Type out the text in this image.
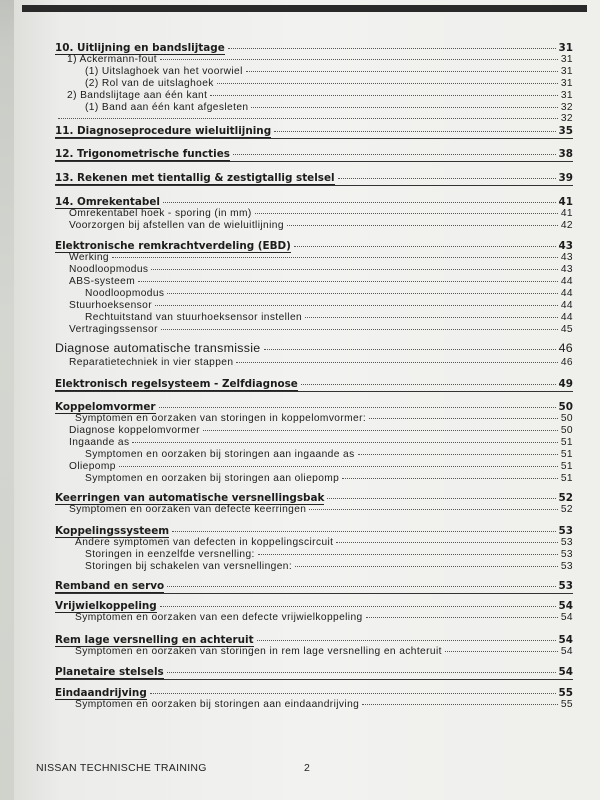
10. Uitlijning en bandslijtage	31
1) Ackermann-fout	31
(1) Uitslaghoek van het voorwiel	31
(2) Rol van de uitslaghoek	31
2) Bandslijtage aan één kant	31
(1) Band aan één kant afgesleten	32
32
11. Diagnoseprocedure wieluitlijning	35
12. Trigonometrische functies	38
13. Rekenen met tientallig & zestigtallig stelsel	39
14. Omrekentabel	41
Omrekentabel hoek - sporing (in mm)	41
Voorzorgen bij afstellen van de wieluitlijning	42
Elektronische remkrachtverdeling (EBD)	43
Werking	43
Noodloopmodus	43
ABS-systeem	44
Noodloopmodus	44
Stuurhoeksensor	44
Rechtuitstand van stuurhoeksensor instellen	44
Vertragingssensor	45
Diagnose automatische transmissie	46
Reparatietechniek in vier stappen	46
Elektronisch regelsysteem - Zelfdiagnose	49
Koppelomvormer	50
Symptomen en oorzaken van storingen in koppelomvormer:	50
Diagnose koppelomvormer	50
Ingaande as	51
Symptomen en oorzaken bij storingen aan ingaande as	51
Oliepomp	51
Symptomen en oorzaken bij storingen aan oliepomp	51
Keerringen van automatische versnellingsbak	52
Symptomen en oorzaken van defecte keerringen	52
Koppelingssysteem	53
Andere symptomen van defecten in koppelingscircuit	53
Storingen in eenzelfde versnelling:	53
Storingen bij schakelen van versnellingen:	53
Remband en servo	53
Vrijwielkoppeling	54
Symptomen en oorzaken van een defecte vrijwielkoppeling	54
Rem lage versnelling en achteruit	54
Symptomen en oorzaken van storingen in rem lage versnelling en achteruit	54
Planetaire stelsels	54
Eindaandrijving	55
Symptomen en oorzaken bij storingen aan eindaandrijving	55
NISSAN TECHNISCHE TRAINING	2
